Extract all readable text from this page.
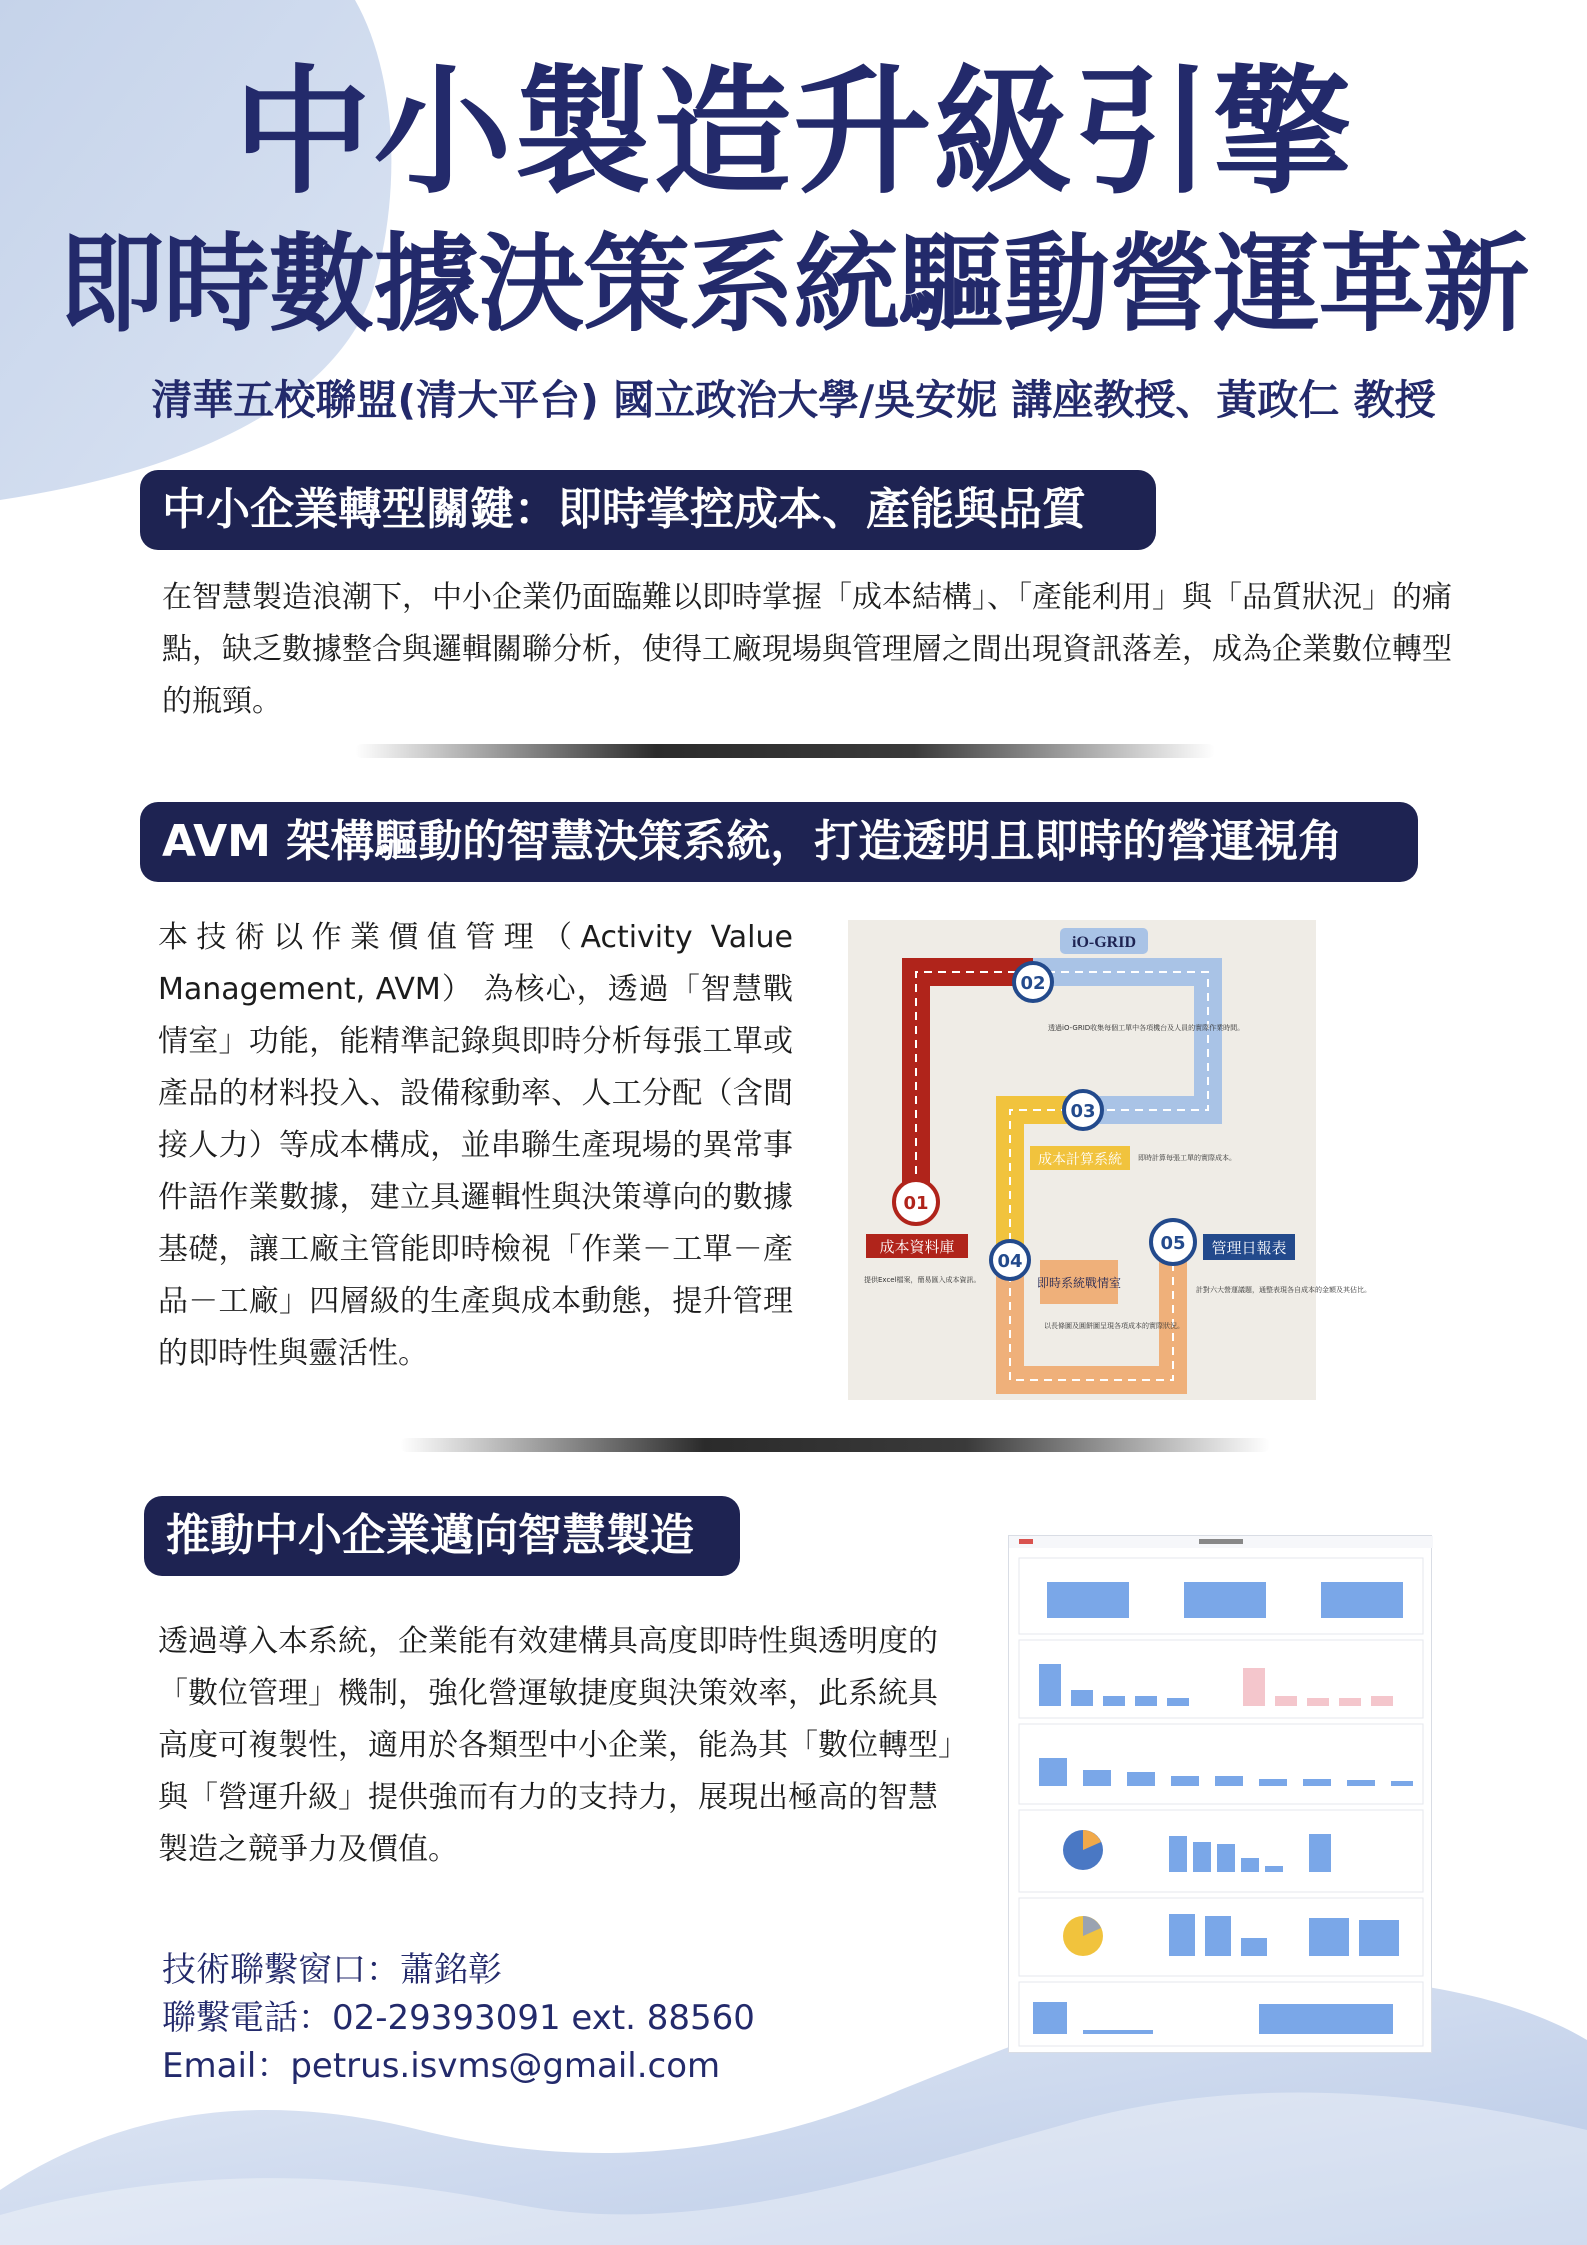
中小製造升級引擎
即時數據決策系統驅動營運革新
清華五校聯盟(清大平台) 國立政治大學/吳安妮 講座教授、黃政仁 教授
中小企業轉型關鍵：即時掌控成本、產能與品質
在智慧製造浪潮下，中小企業仍面臨難以即時掌握「成本結構」、「產能利用」與「品質狀況」的痛點，缺乏數據整合與邏輯關聯分析，使得工廠現場與管理層之間出現資訊落差，成為企業數位轉型的瓶頸。
AVM 架構驅動的智慧決策系統，打造透明且即時的營運視角
本技術以作業價值管理（Activity Value Management, AVM） 為核心，透過「智慧戰情室」功能，能精準記錄與即時分析每張工單或產品的材料投入、設備稼動率、人工分配（含間接人力）等成本構成，並串聯生產現場的異常事件語作業數據，建立具邏輯性與決策導向的數據基礎，讓工廠主管能即時檢視「作業－工單－產品－工廠」四層級的生產與成本動態，提升管理的即時性與靈活性。
iO-GRID
02
03
01
04
05
成本資料庫
成本計算系統
管理日報表
即時系統戰情室
透過iO-GRID收集每個工單中各項機台及人員的實際作業時間。
即時計算每張工單的實際成本。
提供Excel檔案，簡易匯入成本資訊。
計對六大營運議題，通整表現各自成本的金額及其佔比。
以長條圖及圓餅圖呈現各項成本的實際狀況。
推動中小企業邁向智慧製造
透過導入本系統，企業能有效建構具高度即時性與透明度的「數位管理」機制，強化營運敏捷度與決策效率，此系統具高度可複製性，適用於各類型中小企業，能為其「數位轉型」與「營運升級」提供強而有力的支持力，展現出極高的智慧製造之競爭力及價值。
技術聯繫窗口：蕭銘彰
聯繫電話：02-29393091 ext. 88560
Email：petrus.isvms@gmail.com
